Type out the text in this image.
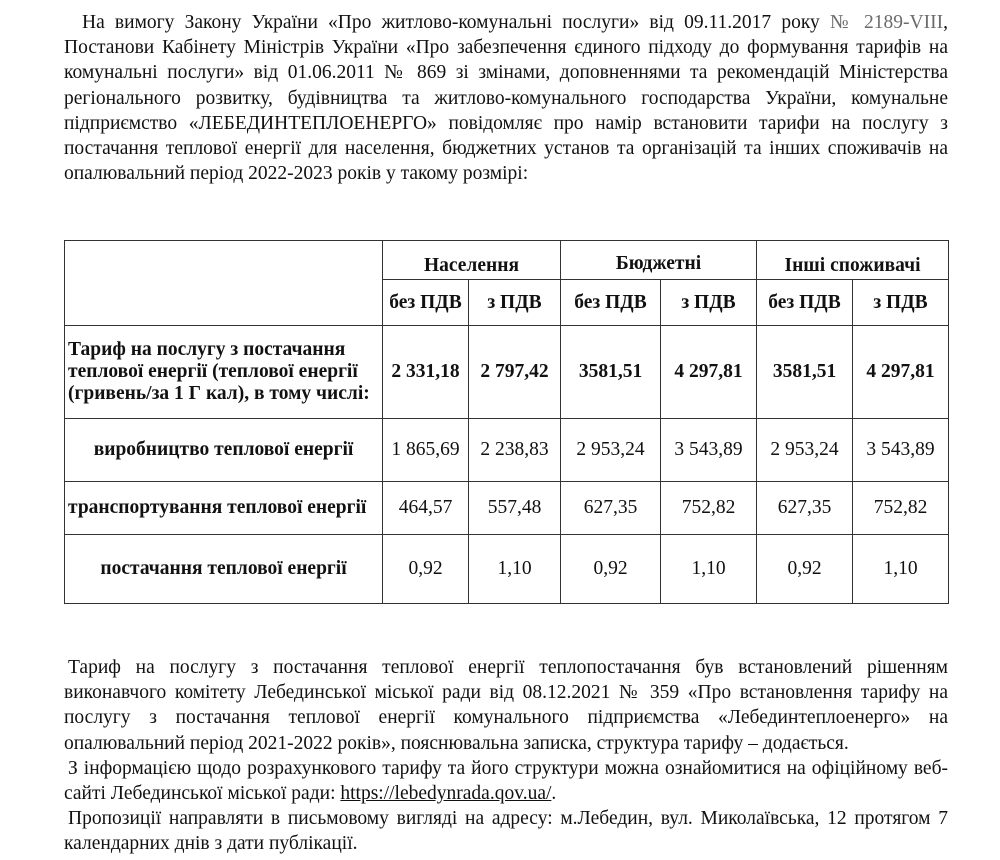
На вимогу Закону України «Про житлово-комунальні послуги» від 09.11.2017 року № 2189-VIII, Постанови Кабінету Міністрів України «Про забезпечення єдиного підходу до формування тарифів на комунальні послуги» від 01.06.2011 № 869 зі змінами, доповненнями та рекомендацій Міністерства регіонального розвитку, будівництва та житлово-комунального господарства України, комунальне підприємство «ЛЕБЕДИНТЕПЛОЕНЕРГО» повідомляє про намір встановити тарифи на послугу з постачання теплової енергії для населення, бюджетних установ та організацій та інших споживачів на опалювальний період 2022-2023 років у такому розмірі:
	Населення		Бюджетні		Інші споживачі	
	без ПДВ	з ПДВ	без ПДВ	з ПДВ	без ПДВ	з ПДВ
Тариф на послугу з постачання теплової енергії (теплової енергії (гривень/за 1 Г кал), в тому числі:	2 331,18	2 797,42	3581,51	4 297,81	3581,51	4 297,81
виробництво теплової енергії	1 865,69	2 238,83	2 953,24	3 543,89	2 953,24	3 543,89
транспортування теплової енергії	464,57	557,48	627,35	752,82	627,35	752,82
постачання теплової енергії	0,92	1,10	0,92	1,10	0,92	1,10
Тариф на послугу з постачання теплової енергії теплопостачання був встановлений рішенням виконавчого комітету Лебединської міської ради від 08.12.2021 № 359 «Про встановлення тарифу на послугу з постачання теплової енергії комунального підприємства «Лебединтеплоенерго» на опалювальний період 2021-2022 років», пояснювальна записка, структура тарифу – додається.
З інформацією щодо розрахункового тарифу та його структури можна ознайомитися на офіційному веб-сайті Лебединської міської ради: https://lebedynrada.qov.ua/.
Пропозиції направляти в письмовому вигляді на адресу: м.Лебедин, вул. Миколаївська, 12 протягом 7 календарних днів з дати публікації.
